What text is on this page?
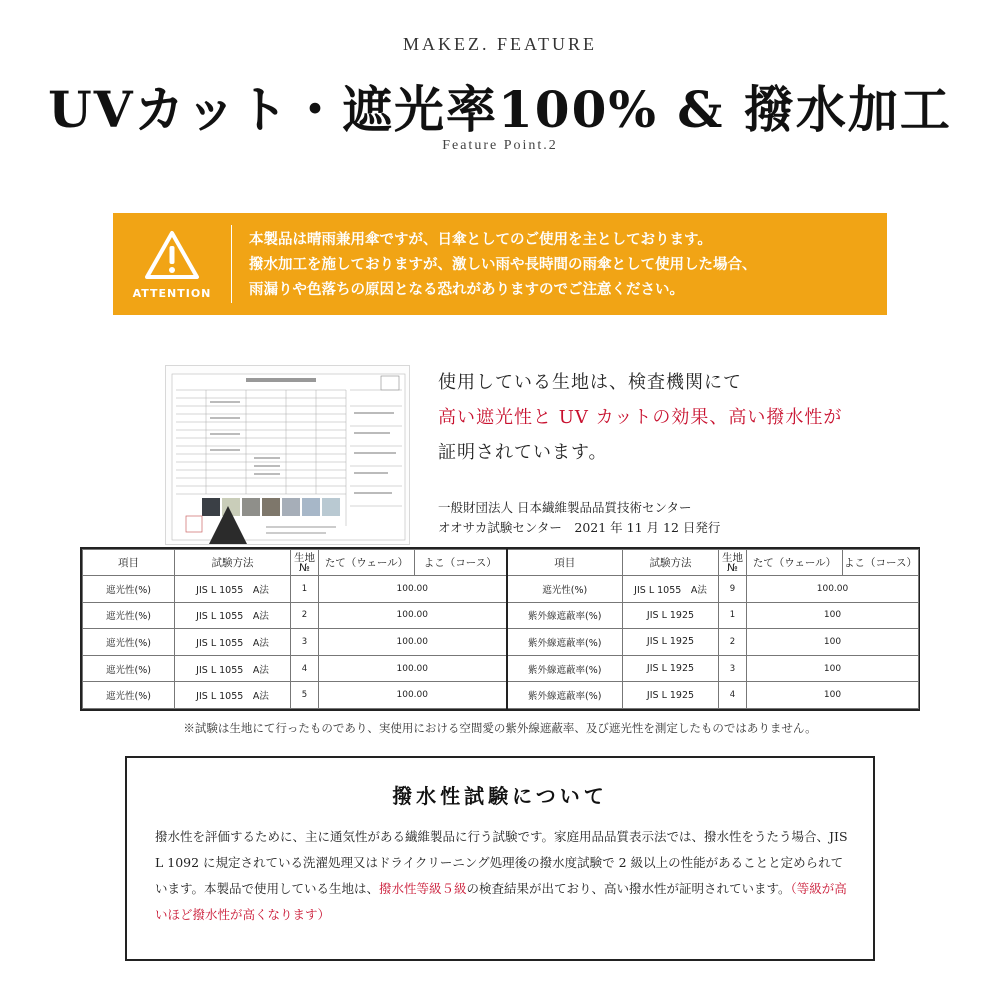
MAKEZ. FEATURE
UVカット・遮光率100% & 撥水加工
Feature Point.2
ATTENTION
本製品は晴雨兼用傘ですが、日傘としてのご使用を主としております。
撥水加工を施しておりますが、激しい雨や長時間の雨傘として使用した場合、
雨漏りや色落ちの原因となる恐れがありますのでご注意ください。
使用している生地は、検査機関にて
高い遮光性と UV カットの効果、高い撥水性が
証明されています。
一般財団法人 日本繊維製品品質技術センター
オオサカ試験センター　2021 年 11 月 12 日発行
項目	試験方法	生地№	たて（ウェール）	よこ（コース）	項目	試験方法	生地№	たて（ウェール）	よこ（コース）
遮光性(%)	JIS L 1055　A法	1	100.00		遮光性(%)	JIS L 1055　A法	9	100.00	
遮光性(%)	JIS L 1055　A法	2	100.00		紫外線遮蔽率(%)	JIS L 1925	1	100	
遮光性(%)	JIS L 1055　A法	3	100.00		紫外線遮蔽率(%)	JIS L 1925	2	100	
遮光性(%)	JIS L 1055　A法	4	100.00		紫外線遮蔽率(%)	JIS L 1925	3	100	
遮光性(%)	JIS L 1055　A法	5	100.00		紫外線遮蔽率(%)	JIS L 1925	4	100	
※試験は生地にて行ったものであり、実使用における空間愛の紫外線遮蔽率、及び遮光性を測定したものではありません。
撥水性試験について
撥水性を評価するために、主に通気性がある繊維製品に行う試験です。家庭用品品質表示法では、撥水性をうたう場合、JIS L 1092 に規定されている洗濯処理又はドライクリーニング処理後の撥水度試験で 2 級以上の性能があることと定められています。本製品で使用している生地は、撥水性等級５級の検査結果が出ており、高い撥水性が証明されています。（等級が高いほど撥水性が高くなります）
